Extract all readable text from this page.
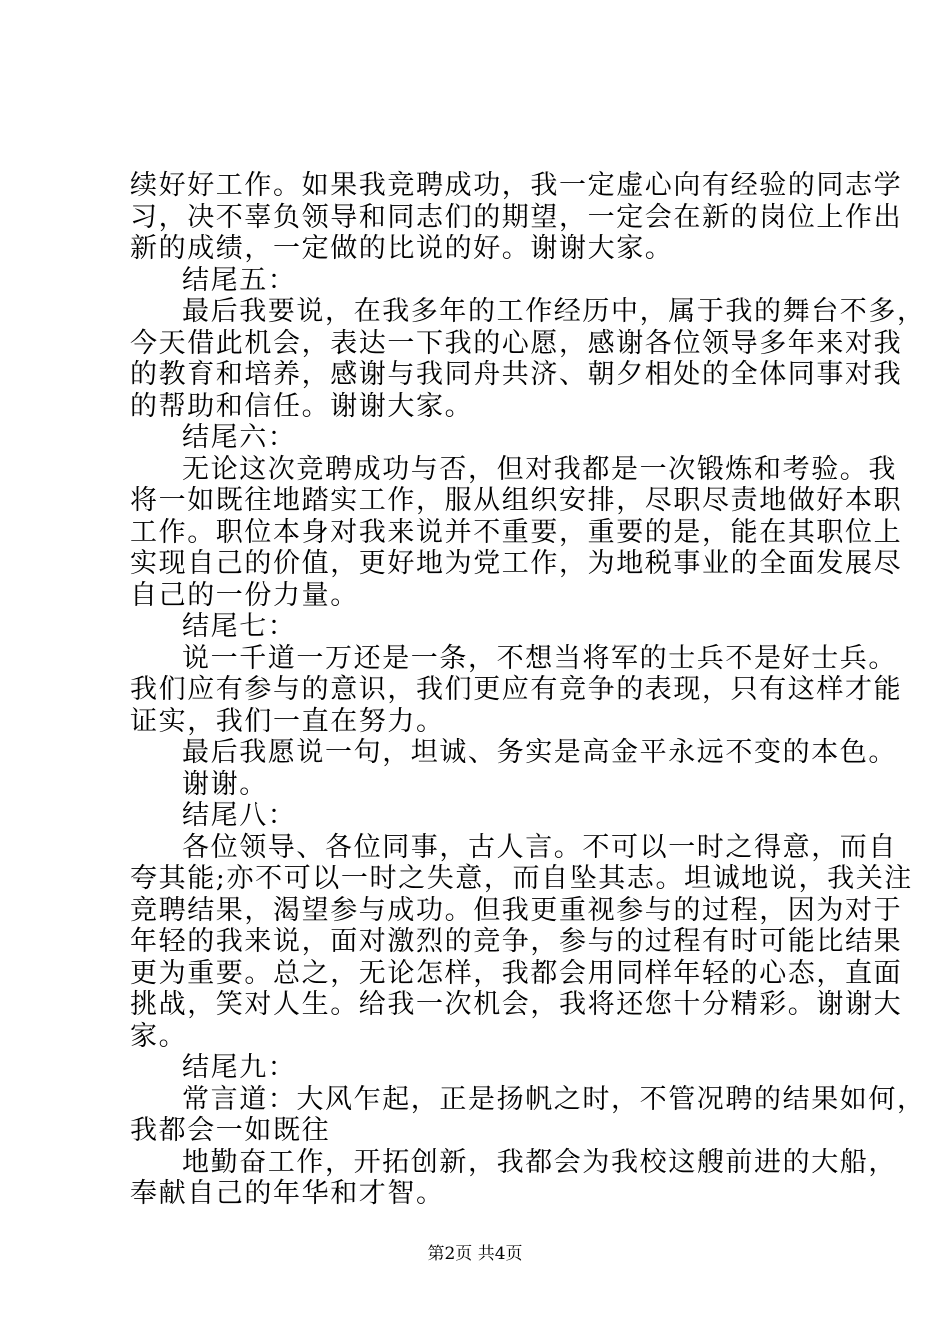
续好好工作。如果我竞聘成功，我一定虚心向有经验的同志学
习，决不辜负领导和同志们的期望，一定会在新的岗位上作出
新的成绩，一定做的比说的好。谢谢大家。
结尾五：
最后我要说，在我多年的工作经历中，属于我的舞台不多，
今天借此机会，表达一下我的心愿，感谢各位领导多年来对我
的教育和培养，感谢与我同舟共济、朝夕相处的全体同事对我
的帮助和信任。谢谢大家。
结尾六：
无论这次竞聘成功与否，但对我都是一次锻炼和考验。我
将一如既往地踏实工作，服从组织安排，尽职尽责地做好本职
工作。职位本身对我来说并不重要，重要的是，能在其职位上
实现自己的价值，更好地为党工作，为地税事业的全面发展尽
自己的一份力量。
结尾七：
说一千道一万还是一条，不想当将军的士兵不是好士兵。
我们应有参与的意识，我们更应有竞争的表现，只有这样才能
证实，我们一直在努力。
最后我愿说一句，坦诚、务实是高金平永远不变的本色。
谢谢。
结尾八：
各位领导、各位同事，古人言。不可以一时之得意，而自
夸其能;亦不可以一时之失意，而自坠其志。坦诚地说，我关注
竞聘结果，渴望参与成功。但我更重视参与的过程，因为对于
年轻的我来说，面对激烈的竞争，参与的过程有时可能比结果
更为重要。总之，无论怎样，我都会用同样年轻的心态，直面
挑战，笑对人生。给我一次机会，我将还您十分精彩。谢谢大
家。
结尾九：
常言道：大风乍起，正是扬帆之时，不管况聘的结果如何，
我都会一如既往
地勤奋工作，开拓创新，我都会为我校这艘前进的大船，
奉献自己的年华和才智。
第2页 共4页
